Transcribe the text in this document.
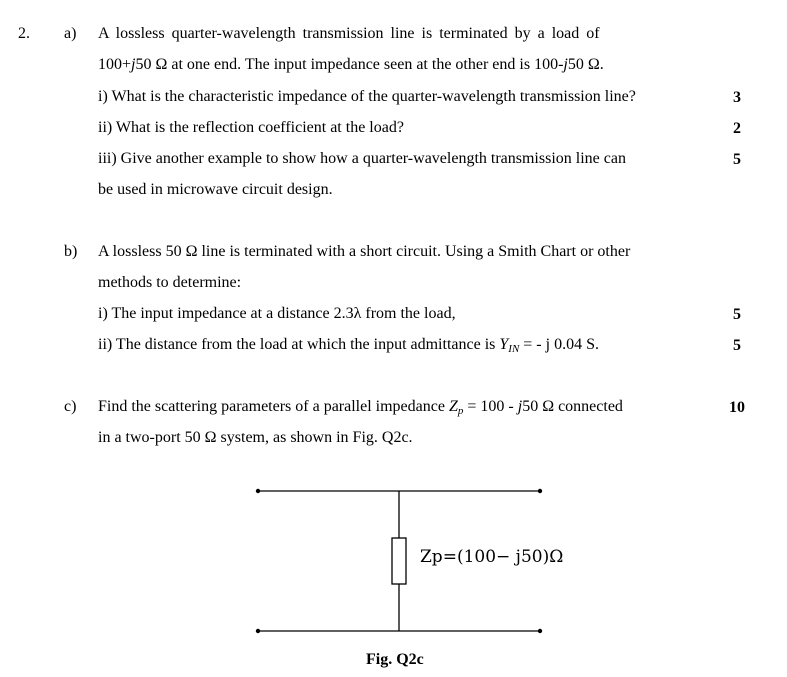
2. a) A lossless quarter-wavelength transmission line is terminated by a load of
100+j50 Ω at one end. The input impedance seen at the other end is 100-j50 Ω.
i) What is the characteristic impedance of the quarter-wavelength transmission line?	3
ii) What is the reflection coefficient at the load?	2
iii) Give another example to show how a quarter-wavelength transmission line can	5
be used in microwave circuit design.
b) A lossless 50 Ω line is terminated with a short circuit. Using a Smith Chart or other
methods to determine:
i) The input impedance at a distance 2.3λ from the load,	5
ii) The distance from the load at which the input admittance is $Y_{IN}$ = - j 0.04 S.	5
c) Find the scattering parameters of a parallel impedance $Z_p = 100 - j50$ Ω connected	10
in a two-port 50 Ω system, as shown in Fig. Q2c.
Zp=(100− j50)Ω
Fig. Q2c
